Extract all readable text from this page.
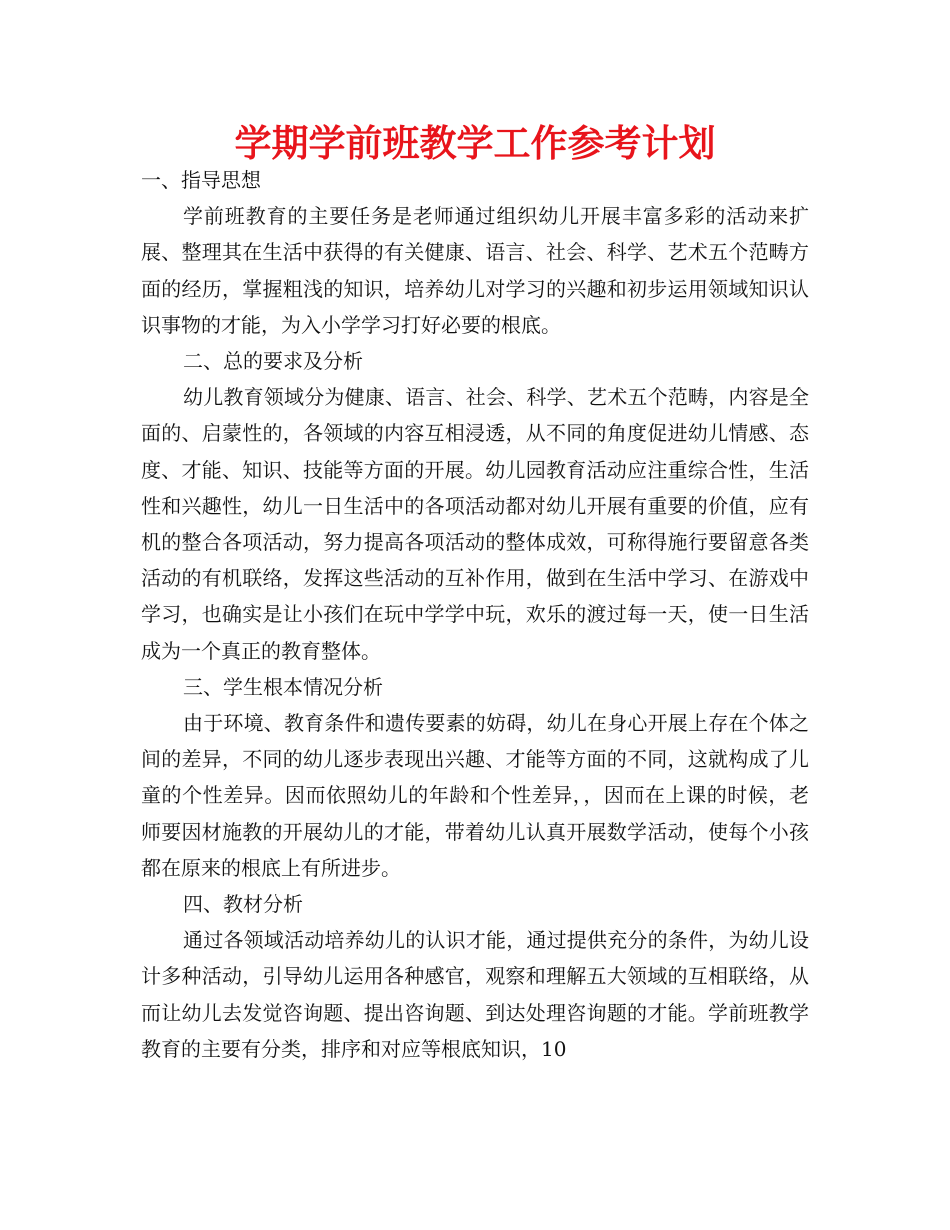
学期学前班教学工作参考计划

一、指导思想

学前班教育的主要任务是老师通过组织幼儿开展丰富多彩的活动来扩展、整理其在生活中获得的有关健康、语言、社会、科学、艺术五个范畴方面的经历，掌握粗浅的知识，培养幼儿对学习的兴趣和初步运用领域知识认识事物的才能，为入小学学习打好必要的根底。

二、总的要求及分析

幼儿教育领域分为健康、语言、社会、科学、艺术五个范畴，内容是全面的、启蒙性的，各领域的内容互相浸透，从不同的角度促进幼儿情感、态度、才能、知识、技能等方面的开展。幼儿园教育活动应注重综合性，生活性和兴趣性，幼儿一日生活中的各项活动都对幼儿开展有重要的价值，应有机的整合各项活动，努力提高各项活动的整体成效，可称得施行要留意各类活动的有机联络，发挥这些活动的互补作用，做到在生活中学习、在游戏中学习，也确实是让小孩们在玩中学学中玩，欢乐的渡过每一天，使一日生活成为一个真正的教育整体。

三、学生根本情况分析

由于环境、教育条件和遗传要素的妨碍，幼儿在身心开展上存在个体之间的差异，不同的幼儿逐步表现出兴趣、才能等方面的不同，这就构成了儿童的个性差异。因而依照幼儿的年龄和个性差异，，因而在上课的时候，老师要因材施教的开展幼儿的才能，带着幼儿认真开展数学活动，使每个小孩都在原来的根底上有所进步。

四、教材分析

通过各领域活动培养幼儿的认识才能，通过提供充分的条件，为幼儿设计多种活动，引导幼儿运用各种感官，观察和理解五大领域的互相联络，从而让幼儿去发觉咨询题、提出咨询题、到达处理咨询题的才能。学前班教学教育的主要有分类，排序和对应等根底知识，10
